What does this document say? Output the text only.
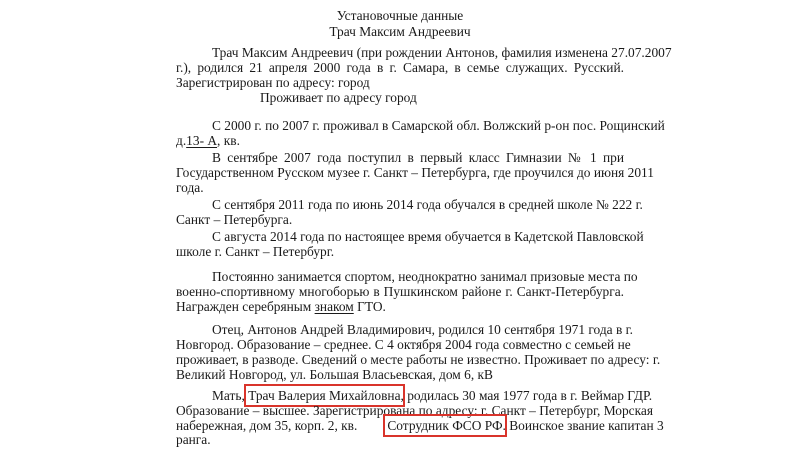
Установочные данные
Трач Максим Андреевич
Трач Максим Андреевич (при рождении Антонов, фамилия изменена 27.07.2007
г.), родился 21 апреля 2000 года в г. Самара, в семье служащих. Русский.
Зарегистрирован по адресу: город
Проживает по адресу город
С 2000 г. по 2007 г. проживал в Самарской обл. Волжский р-он пос. Рощинский
д.13- А, кв.
В сентябре 2007 года поступил в первый класс Гимназии № 1 при
Государственном Русском музее г. Санкт – Петербурга, где проучился до июня 2011
года.
С сентября 2011 года по июнь 2014 года обучался в средней школе № 222 г.
Санкт – Петербурга.
С августа 2014 года по настоящее время обучается в Кадетской Павловской
школе г. Санкт – Петербург.
Постоянно занимается спортом, неоднократно занимал призовые места по
военно-спортивному многоборью в Пушкинском районе г. Санкт-Петербурга.
Награжден серебряным знаком ГТО.
Отец, Антонов Андрей Владимирович, родился 10 сентября 1971 года в г.
Новгород. Образование – среднее. С 4 октября 2004 года совместно с семьей не
проживает, в разводе. Сведений о месте работы не известно. Проживает по адресу: г.
Великий Новгород, ул. Большая Власьевская, дом 6, кВ
Мать, Трач Валерия Михайловна, родилась 30 мая 1977 года в г. Веймар ГДР.
Образование – высшее. Зарегистрирована по адресу: г. Санкт – Петербург, Морская
набережная, дом 35, корп. 2, кв. Сотрудник ФСО РФ. Воинское звание капитан 3
ранга.
